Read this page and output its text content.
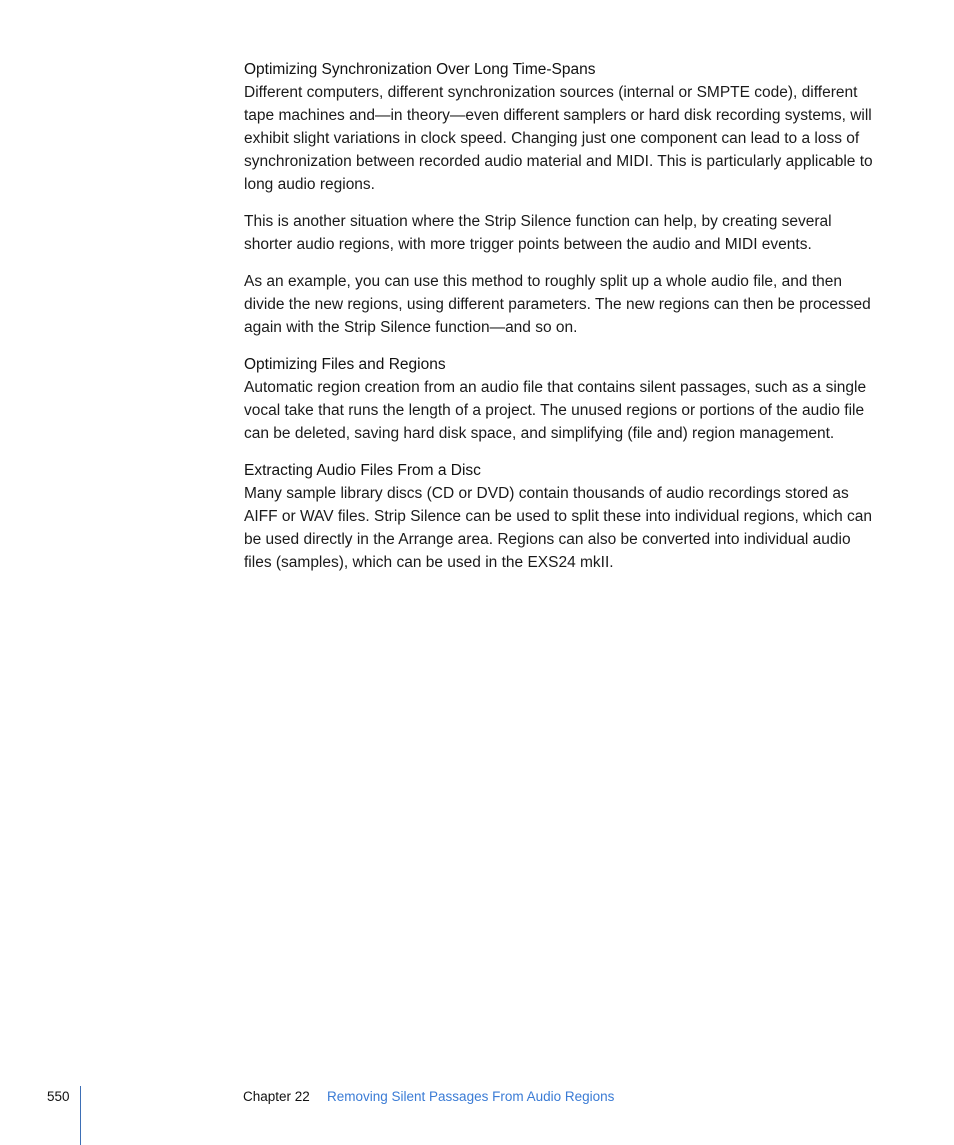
Optimizing Synchronization Over Long Time-Spans

Different computers, different synchronization sources (internal or SMPTE code), different tape machines and—in theory—even different samplers or hard disk recording systems, will exhibit slight variations in clock speed. Changing just one component can lead to a loss of synchronization between recorded audio material and MIDI. This is particularly applicable to long audio regions.

This is another situation where the Strip Silence function can help, by creating several shorter audio regions, with more trigger points between the audio and MIDI events.

As an example, you can use this method to roughly split up a whole audio file, and then divide the new regions, using different parameters. The new regions can then be processed again with the Strip Silence function—and so on.

Optimizing Files and Regions

Automatic region creation from an audio file that contains silent passages, such as a single vocal take that runs the length of a project. The unused regions or portions of the audio file can be deleted, saving hard disk space, and simplifying (file and) region management.

Extracting Audio Files From a Disc

Many sample library discs (CD or DVD) contain thousands of audio recordings stored as AIFF or WAV files. Strip Silence can be used to split these into individual regions, which can be used directly in the Arrange area. Regions can also be converted into individual audio files (samples), which can be used in the EXS24 mkII.

550	Chapter 22 Removing Silent Passages From Audio Regions
